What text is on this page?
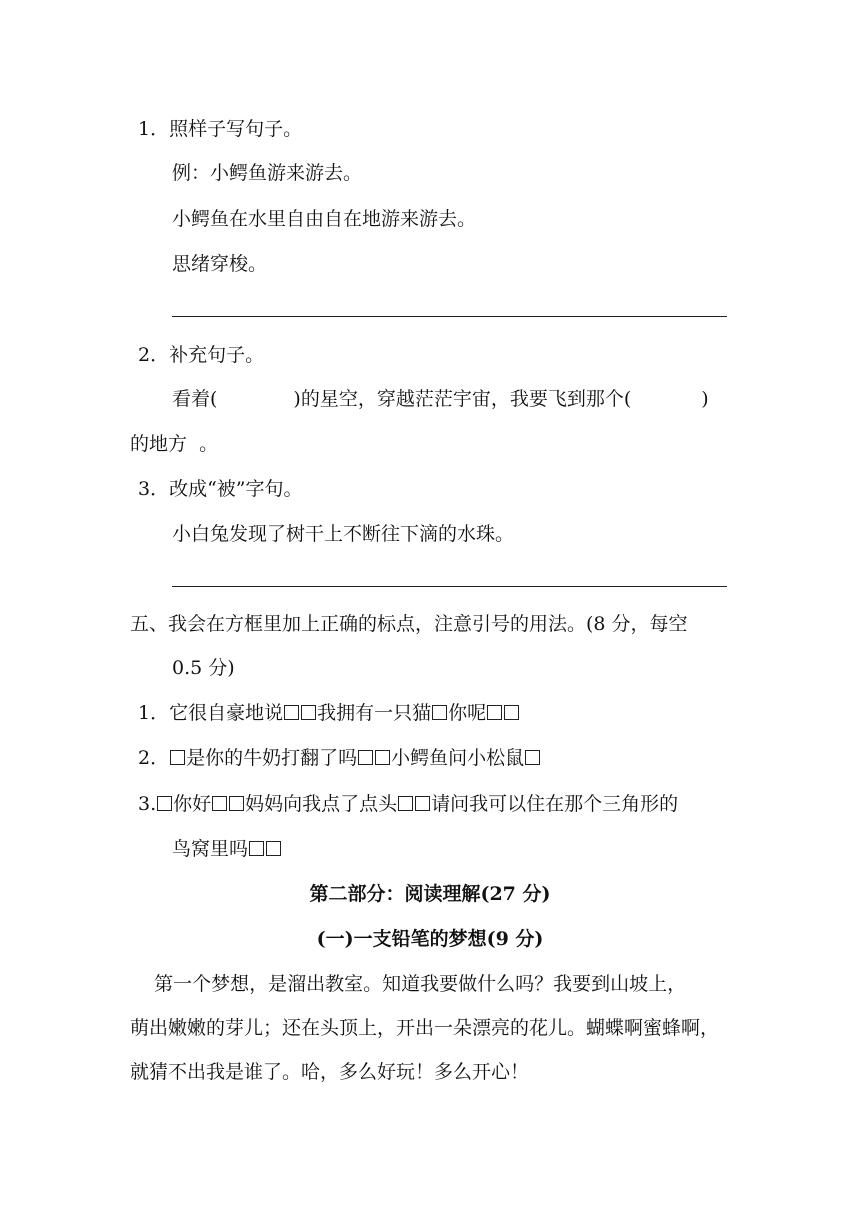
1．照样子写句子。
例：小鳄鱼游来游去。
小鳄鱼在水里自由自在地游来游去。
思绪穿梭。
2．补充句子。
看着(	)的星空，穿越茫茫宇宙，我要飞到那个(	)
的地方  。
3．改成“被”字句。
小白兔发现了树干上不断往下滴的水珠。
五、我会在方框里加上正确的标点，注意引号的用法。(8 分，每空
0.5 分)
1．它很自豪地说 我拥有一只猫 你呢
2． 是你的牛奶打翻了吗 小鳄鱼问小松鼠
3. 你好 妈妈向我点了点头 请问我可以住在那个三角形的
鸟窝里吗
第二部分：阅读理解(27 分)
(一)一支铅笔的梦想(9 分)
第一个梦想，是溜出教室。知道我要做什么吗？我要到山坡上，
萌出嫩嫩的芽儿；还在头顶上，开出一朵漂亮的花儿。蝴蝶啊蜜蜂啊，
就猜不出我是谁了。哈，多么好玩！多么开心！
